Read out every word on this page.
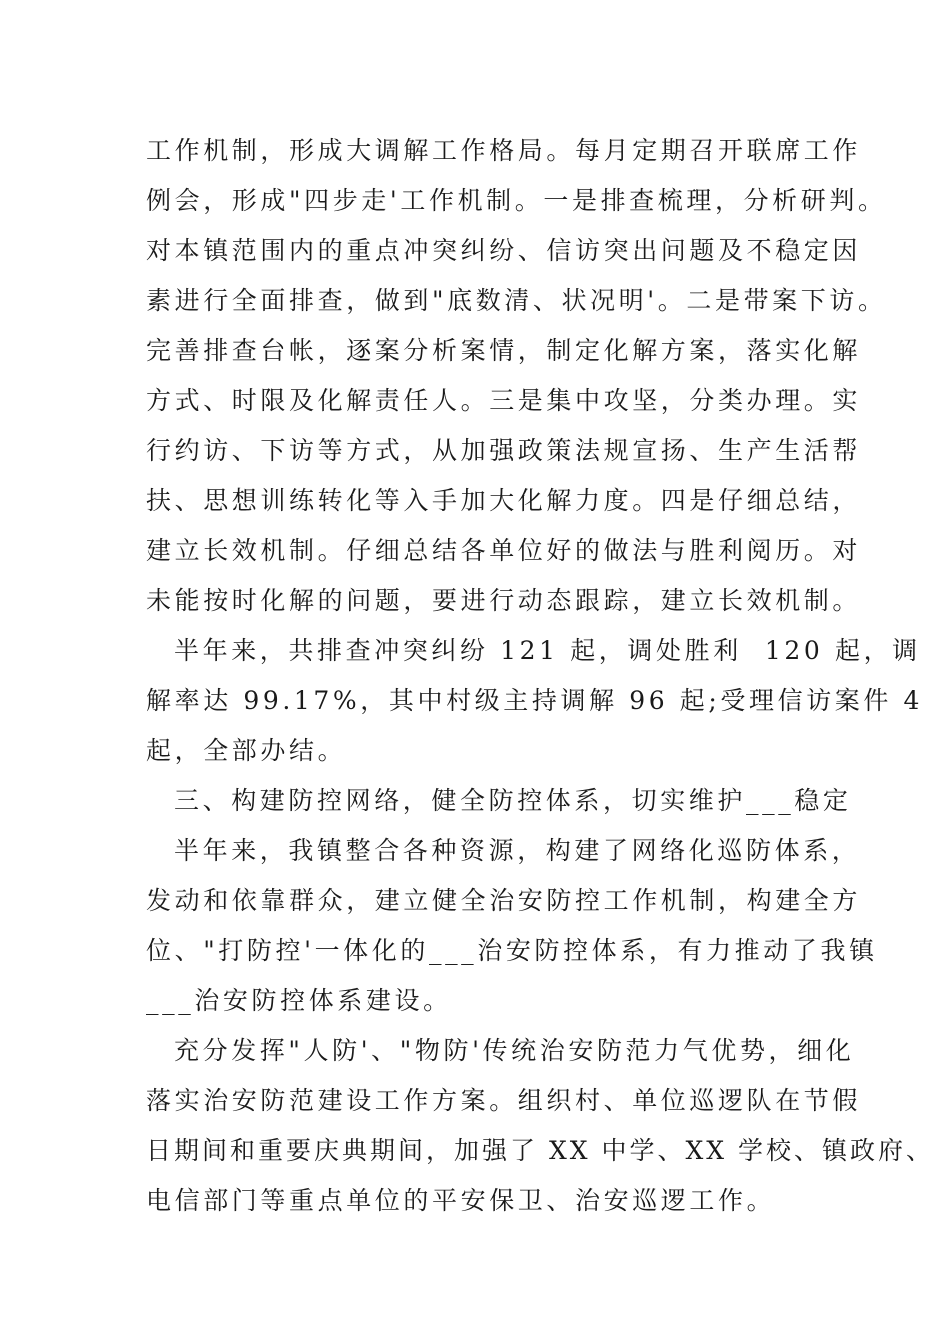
工作机制，形成大调解工作格局。每月定期召开联席工作
例会，形成"四步走'工作机制。一是排查梳理，分析研判。
对本镇范围内的重点冲突纠纷、信访突出问题及不稳定因
素进行全面排查，做到"底数清、状况明'。二是带案下访。
完善排查台帐，逐案分析案情，制定化解方案，落实化解
方式、时限及化解责任人。三是集中攻坚，分类办理。实
行约访、下访等方式，从加强政策法规宣扬、生产生活帮
扶、思想训练转化等入手加大化解力度。四是仔细总结，
建立长效机制。仔细总结各单位好的做法与胜利阅历。对
未能按时化解的问题，要进行动态跟踪，建立长效机制。
半年来，共排查冲突纠纷 121 起，调处胜利  120 起，调
解率达 99.17%，其中村级主持调解 96 起;受理信访案件 4
起，全部办结。
三、构建防控网络，健全防控体系，切实维护___稳定
半年来，我镇整合各种资源，构建了网络化巡防体系，
发动和依靠群众，建立健全治安防控工作机制，构建全方
位、"打防控'一体化的___治安防控体系，有力推动了我镇
___治安防控体系建设。
充分发挥"人防'、"物防'传统治安防范力气优势，细化
落实治安防范建设工作方案。组织村、单位巡逻队在节假
日期间和重要庆典期间，加强了 XX 中学、XX 学校、镇政府、
电信部门等重点单位的平安保卫、治安巡逻工作。
